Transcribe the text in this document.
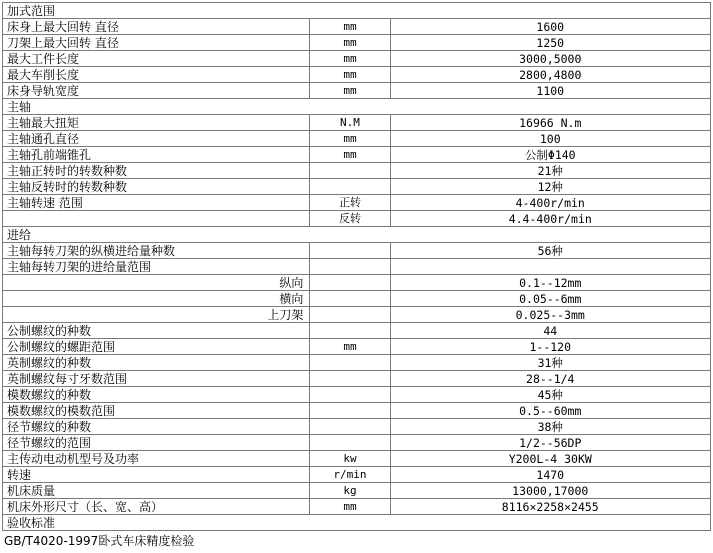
加式范围		
床身上最大回转 直径	mm	1600
刀架上最大回转 直径	mm	1250
最大工件长度	mm	3000,5000
最大车削长度	mm	2800,4800
床身导轨宽度	mm	1100
主轴		
主轴最大扭矩	N.M	16966 N.m
主轴通孔直径	mm	100
主轴孔前端锥孔	mm	公制Φ140
主轴正转时的转数种数		21种
主轴反转时的转数种数		12种
主轴转速 范围	正转	4-400r/min
	反转	4.4-400r/min
进给		
主轴每转刀架的纵横进给量种数		56种
主轴每转刀架的进给量范围		
纵向		0.1--12mm
横向		0.05--6mm
上刀架		0.025--3mm
公制螺纹的种数		44
公制螺纹的螺距范围	mm	1--120
英制螺纹的种数		31种
英制螺纹每寸牙数范围		28--1/4
模数螺纹的种数		45种
模数螺纹的模数范围		0.5--60mm
径节螺纹的种数		38种
径节螺纹的范围		1/2--56DP
主传动电动机型号及功率	kw	Y200L-4 30KW
转速	r/min	1470
机床质量	kg	13000,17000
机床外形尺寸（长、宽、高）	mm	8116×2258×2455
验收标准		
GB/T4020-1997卧式车床精度检验
